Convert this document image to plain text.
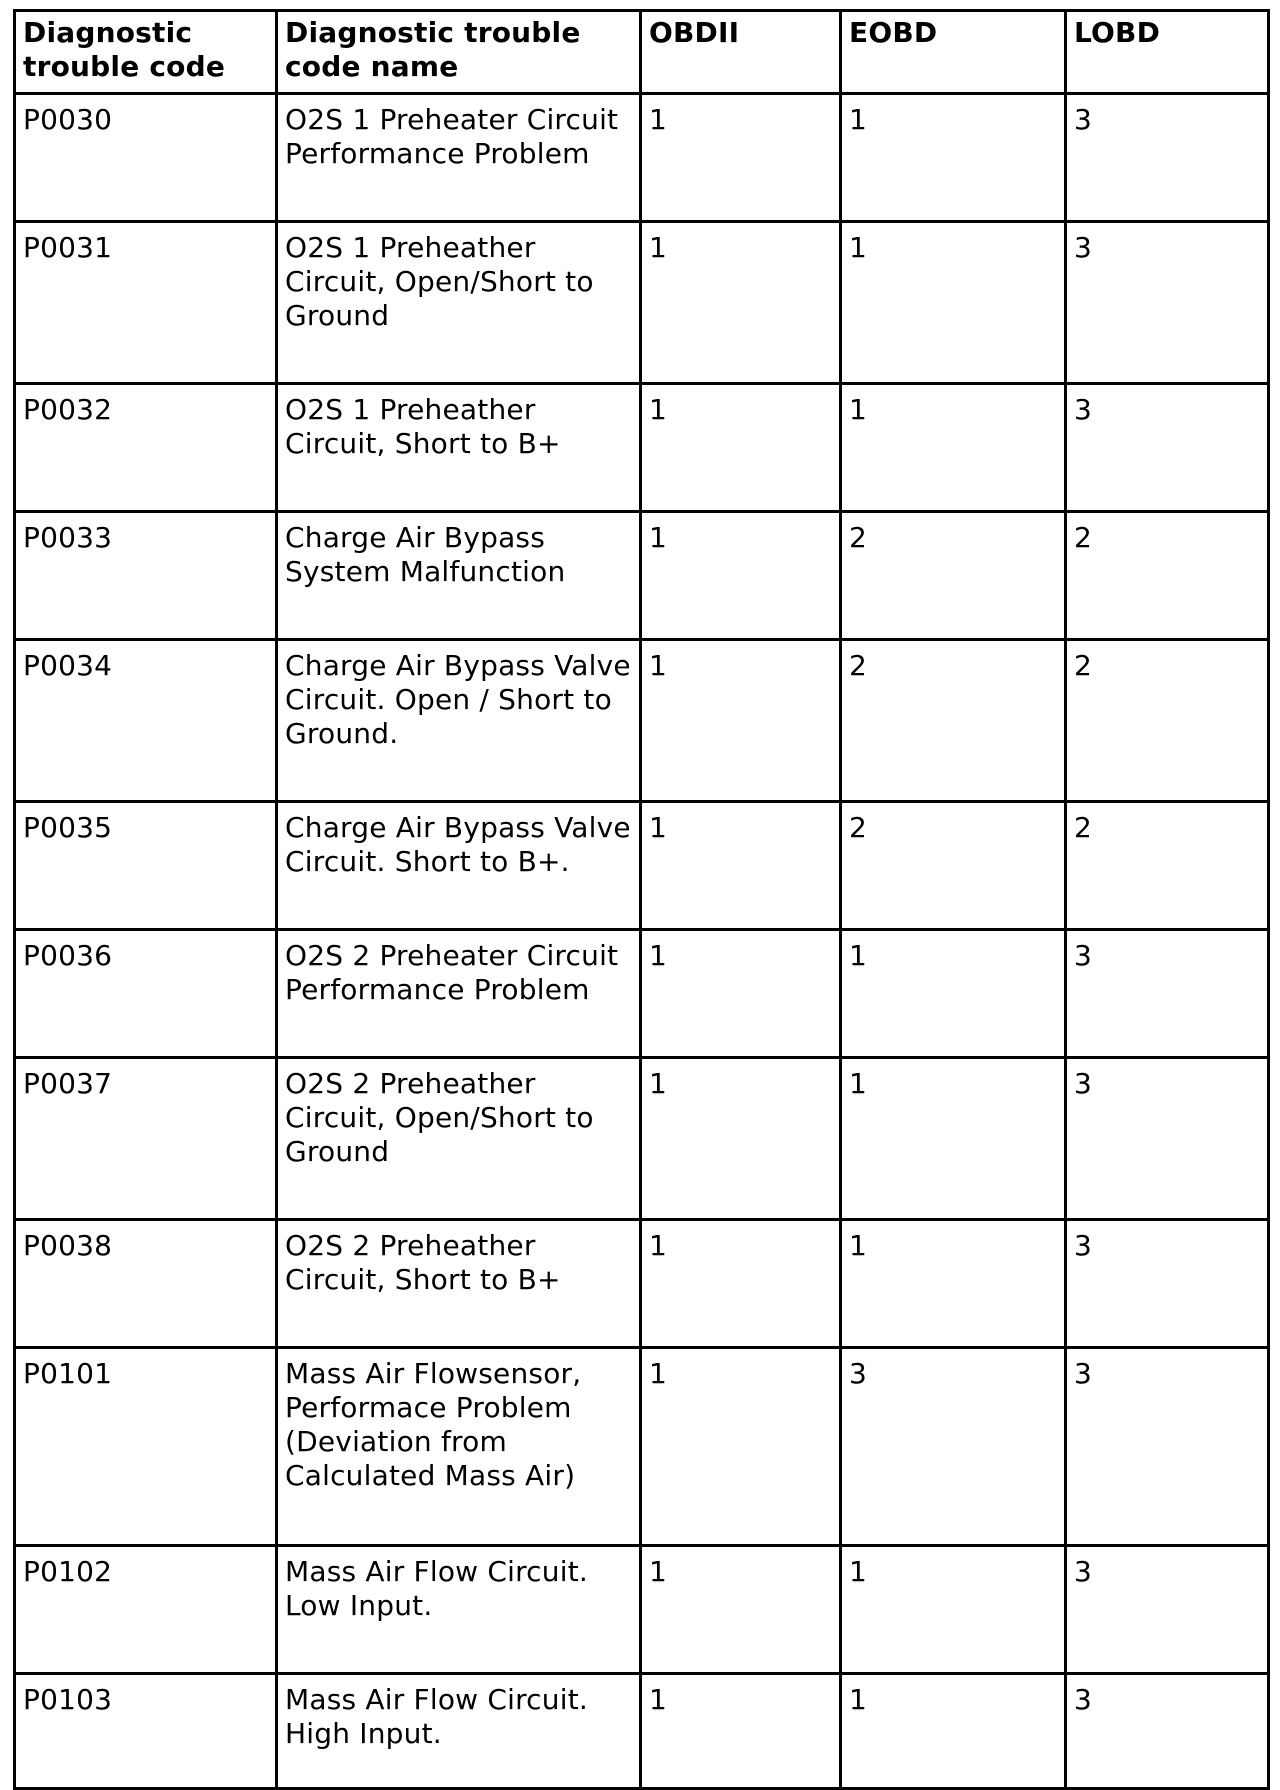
Diagnostic trouble code	Diagnostic trouble code name	OBDII	EOBD	LOBD
P0030	O2S 1 Preheater Circuit Performance Problem	1	1	3
P0031	O2S 1 Preheather Circuit, Open/Short to Ground	1	1	3
P0032	O2S 1 Preheather Circuit, Short to B+	1	1	3
P0033	Charge Air Bypass System Malfunction	1	2	2
P0034	Charge Air Bypass Valve Circuit. Open / Short to Ground.	1	2	2
P0035	Charge Air Bypass Valve Circuit. Short to B+.	1	2	2
P0036	O2S 2 Preheater Circuit Performance Problem	1	1	3
P0037	O2S 2 Preheather Circuit, Open/Short to Ground	1	1	3
P0038	O2S 2 Preheather Circuit, Short to B+	1	1	3
P0101	Mass Air Flowsensor, Performace Problem (Deviation from Calculated Mass Air)	1	3	3
P0102	Mass Air Flow Circuit. Low Input.	1	1	3
P0103	Mass Air Flow Circuit. High Input.	1	1	3
